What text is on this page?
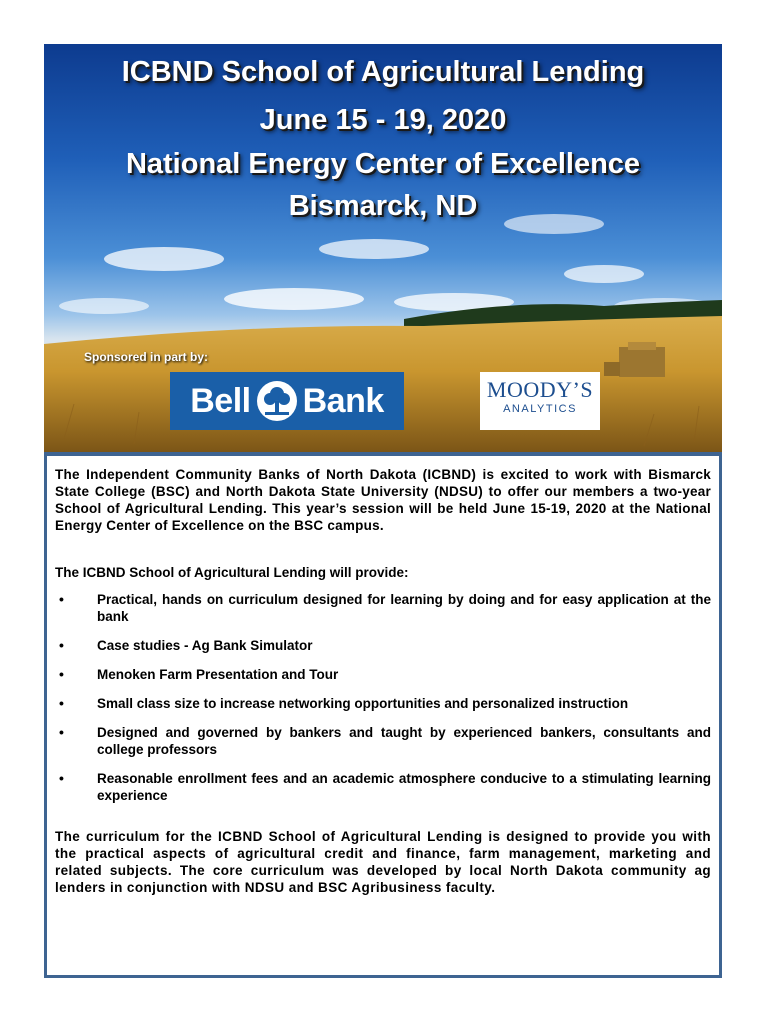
ICBND School of Agricultural Lending
June 15 - 19, 2020
National Energy Center of Excellence
Bismarck, ND
Sponsored in part by:
Bell Bank	MOODY’S
ANALYTICS

The Independent Community Banks of North Dakota (ICBND) is excited to work with Bismarck State College (BSC) and North Dakota State University (NDSU) to offer our members a two-year School of Agricultural Lending. This year’s session will be held June 15-19, 2020 at the National Energy Center of Excellence on the BSC campus.

The ICBND School of Agricultural Lending will provide:

• Practical, hands on curriculum designed for learning by doing and for easy application at the bank
• Case studies - Ag Bank Simulator
• Menoken Farm Presentation and Tour
• Small class size to increase networking opportunities and personalized instruction
• Designed and governed by bankers and taught by experienced bankers, consultants and college professors
• Reasonable enrollment fees and an academic atmosphere conducive to a stimulating learning experience

The curriculum for the ICBND School of Agricultural Lending is designed to provide you with the practical aspects of agricultural credit and finance, farm management, marketing and related subjects. The core curriculum was developed by local North Dakota community ag lenders in conjunction with NDSU and BSC Agribusiness faculty.
